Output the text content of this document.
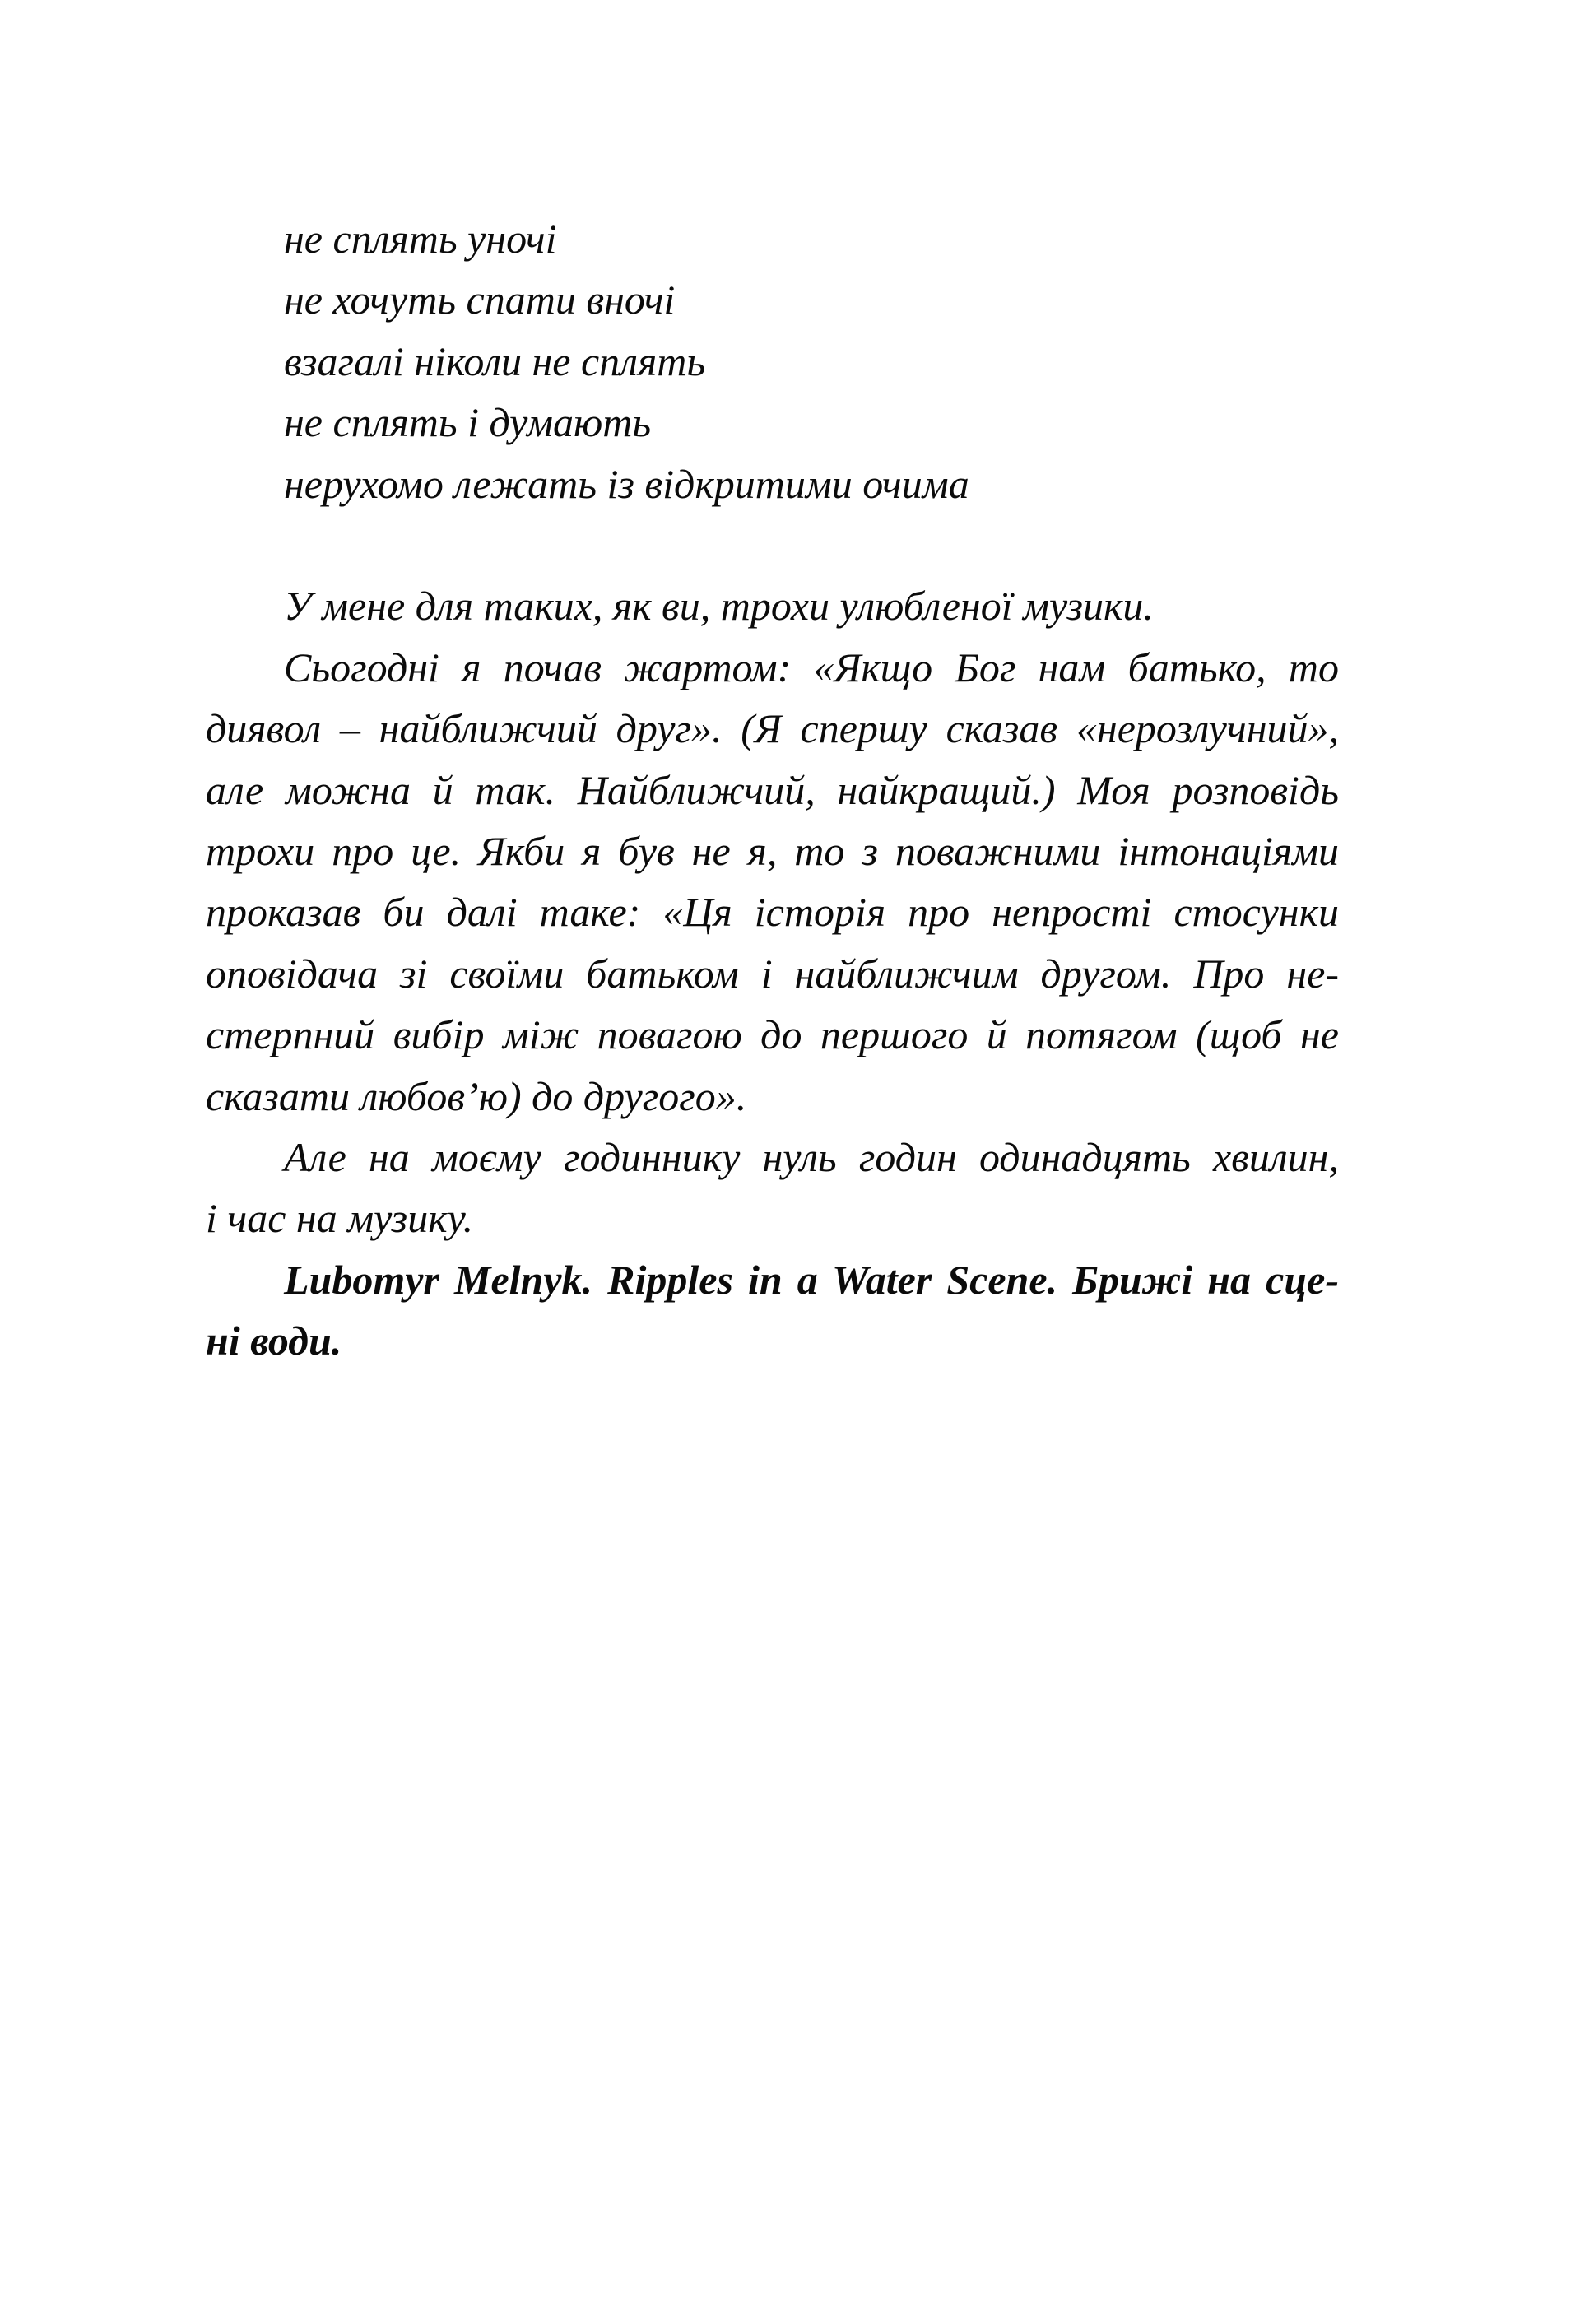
не сплять уночі
не хочуть спати вночі
взагалі ніколи не сплять
не сплять і думають
нерухомо лежать із відкритими очима
У мене для таких, як ви, трохи улюбленої музики.
Сьогодні я почав жартом: «Якщо Бог нам батько, то
диявол – найближчий друг». (Я спершу сказав «нерозлучний»,
але можна й так. Найближчий, найкращий.) Моя розповідь
трохи про це. Якби я був не я, то з поважними інтонаціями
проказав би далі таке: «Ця історія про непрості стосунки
оповідача зі своїми батьком і найближчим другом. Про не-
стерпний вибір між повагою до першого й потягом (щоб не
сказати любов’ю) до другого».
Але на моєму годиннику нуль годин одинадцять хвилин,
і час на музику.
Lubomyr Melnyk. Ripples in a Water Scene. Брижі на сце-
ні води.
